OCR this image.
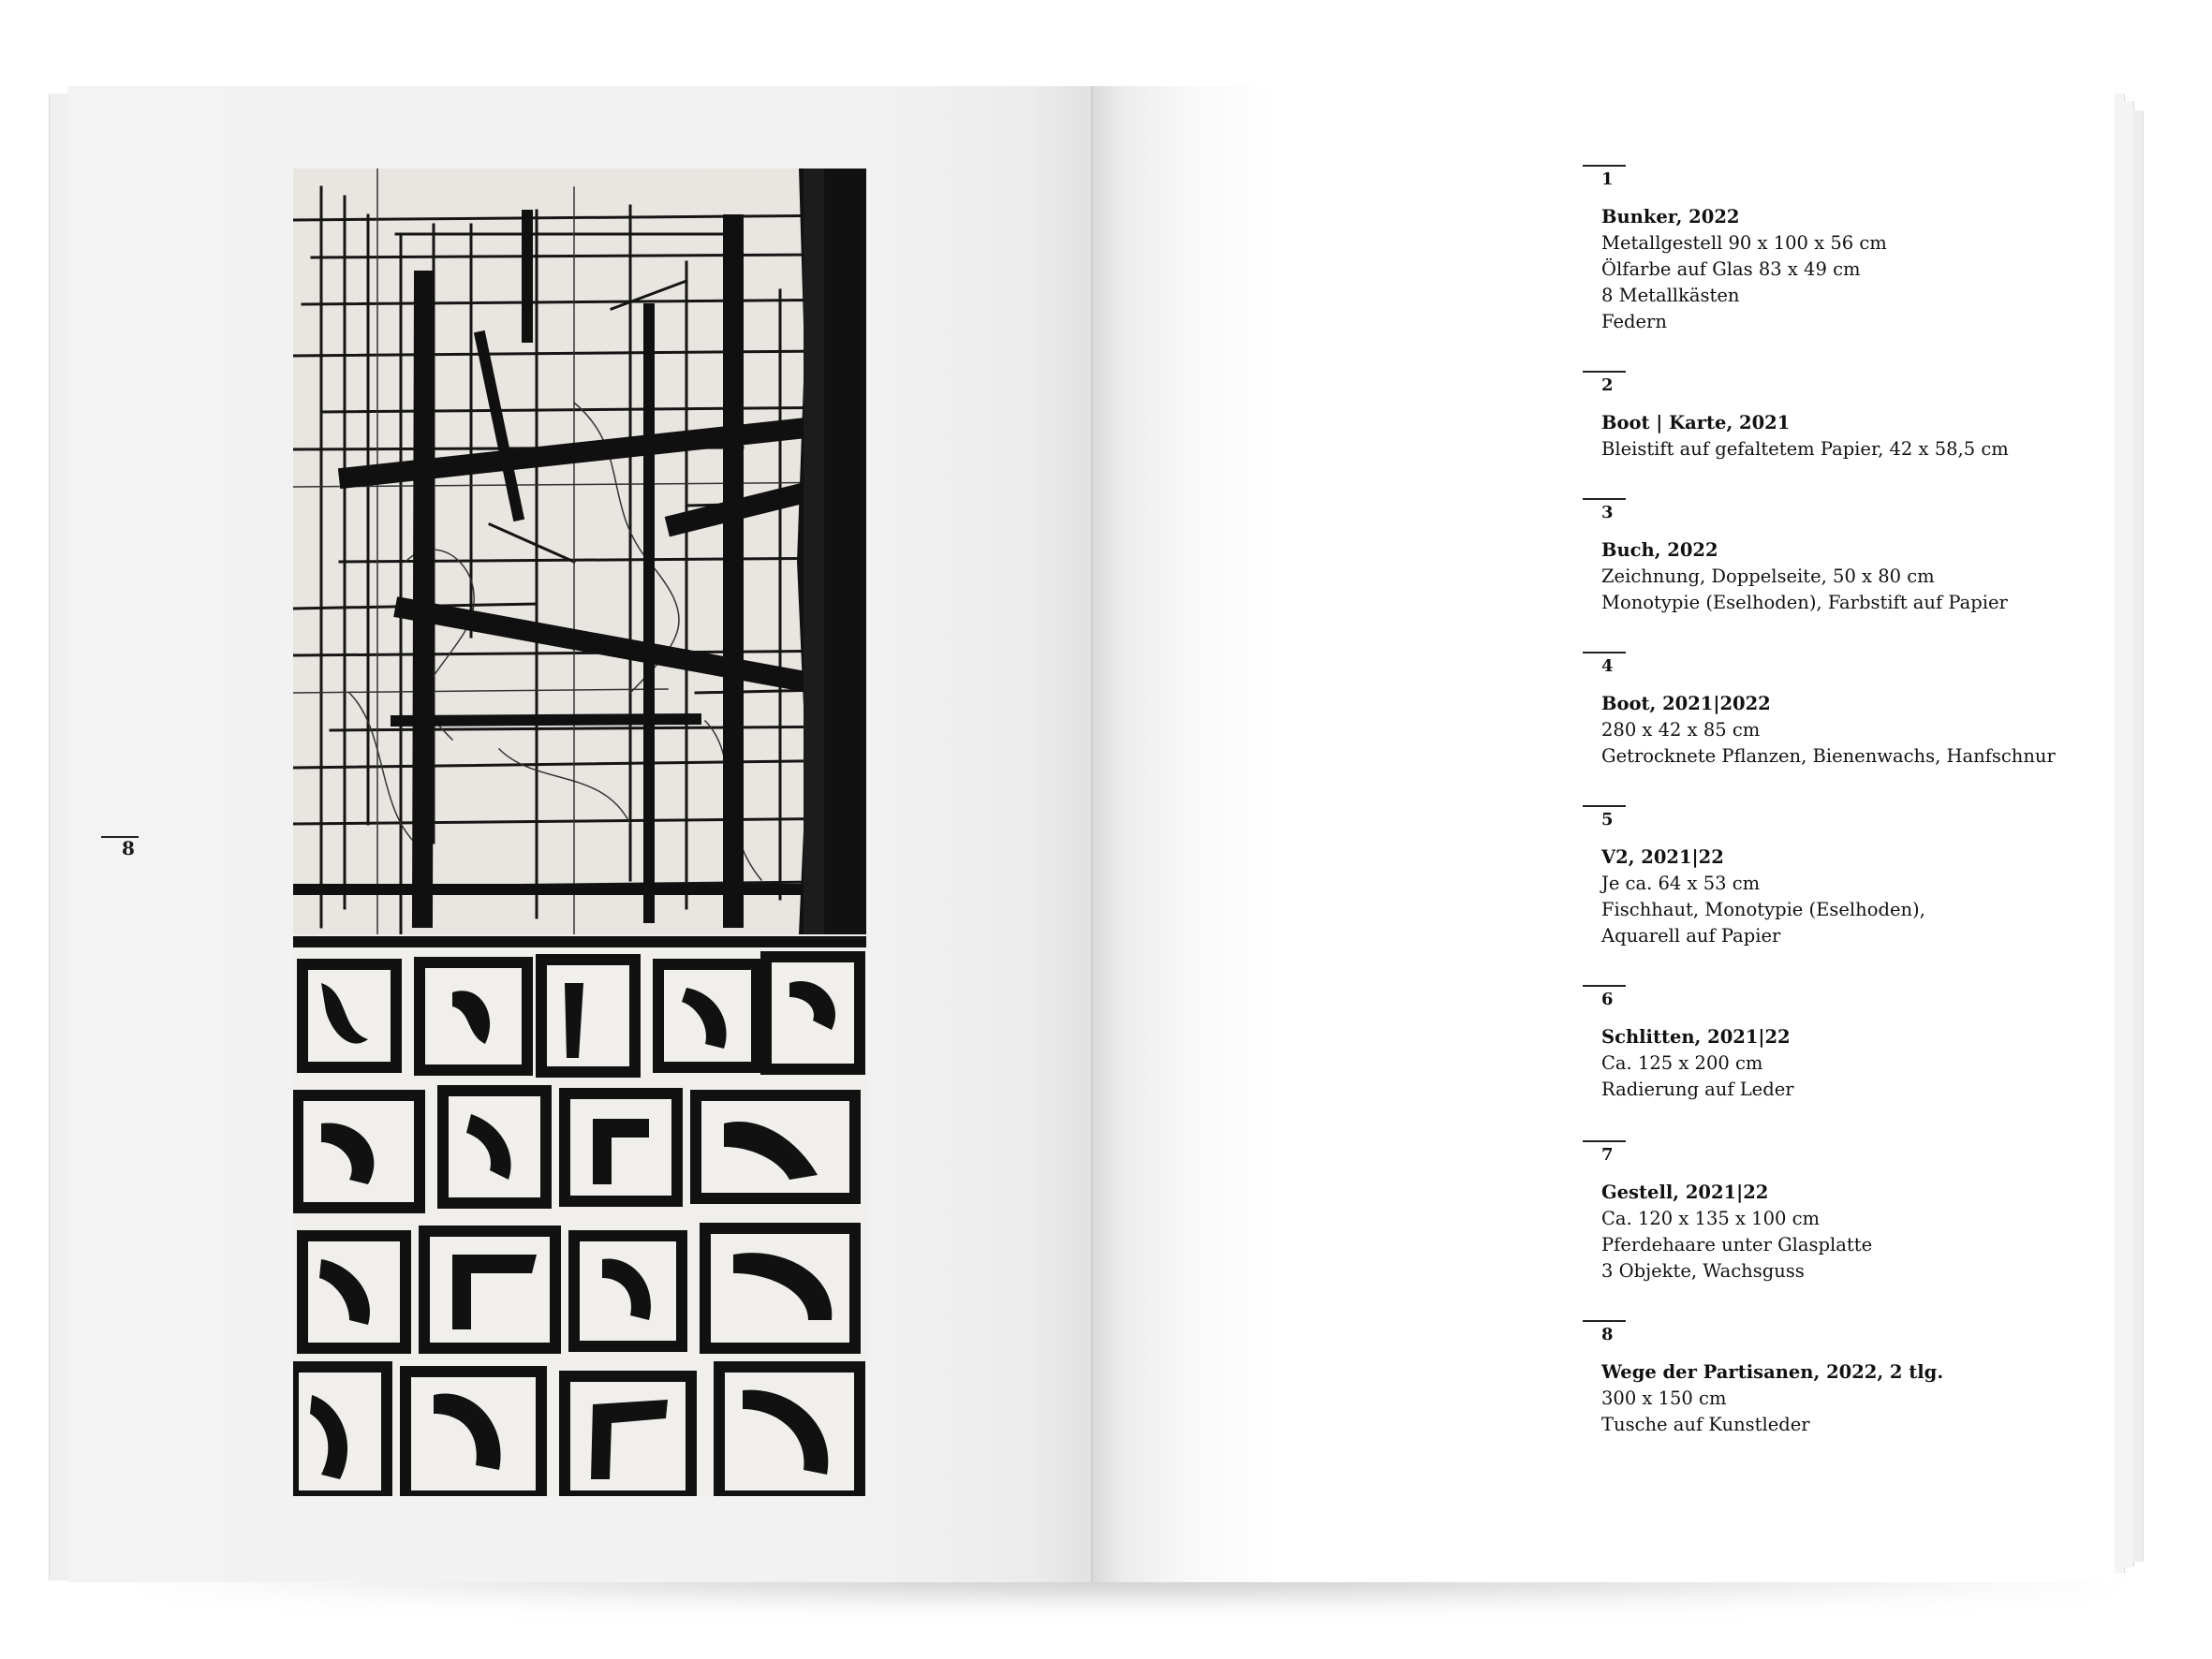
8
1
Bunker, 2022
Metallgestell 90 x 100 x 56 cm
Ölfarbe auf Glas 83 x 49 cm
8 Metallkästen
Federn
2
Boot | Karte, 2021
Bleistift auf gefaltetem Papier, 42 x 58,5 cm
3
Buch, 2022
Zeichnung, Doppelseite, 50 x 80 cm
Monotypie (Eselhoden), Farbstift auf Papier
4
Boot, 2021|2022
280 x 42 x 85 cm
Getrocknete Pflanzen, Bienenwachs, Hanfschnur
5
V2, 2021|22
Je ca. 64 x 53 cm
Fischhaut, Monotypie (Eselhoden),
Aquarell auf Papier
6
Schlitten, 2021|22
Ca. 125 x 200 cm
Radierung auf Leder
7
Gestell, 2021|22
Ca. 120 x 135 x 100 cm
Pferdehaare unter Glasplatte
3 Objekte, Wachsguss
8
Wege der Partisanen, 2022, 2 tlg.
300 x 150 cm
Tusche auf Kunstleder
